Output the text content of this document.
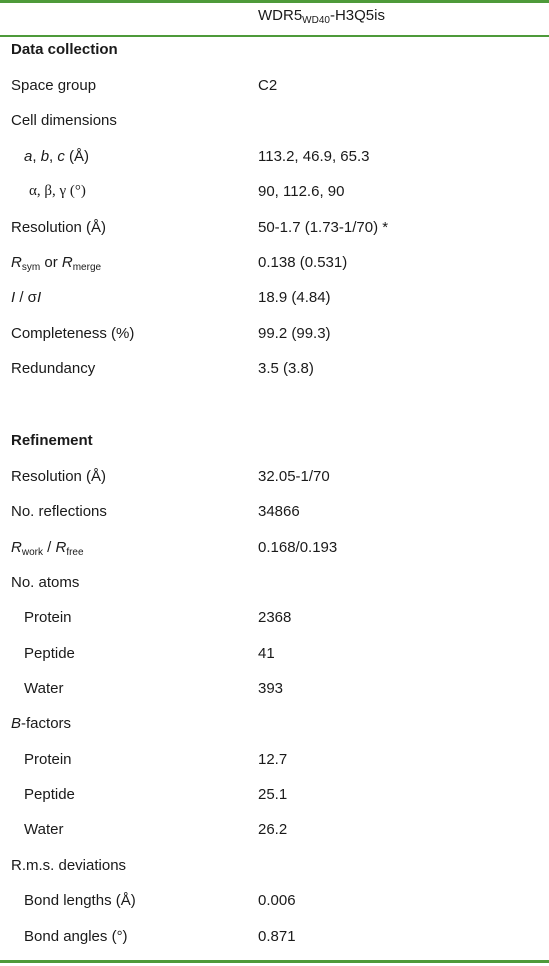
$WDR5_{WD40}-H3Q5is$
Data collection
Space group	C2
Cell dimensions
a, b, c (Å)	113.2, 46.9, 65.3
α, β, γ (°)	90, 112.6, 90
Resolution (Å)	50-1.7 (1.73-1/70) *
$R_{sym}$ or $R_{merge}$	0.138 (0.531)
I / σI	18.9 (4.84)
Completeness (%)	99.2 (99.3)
Redundancy	3.5 (3.8)
Refinement
Resolution (Å)	32.05-1/70
No. reflections	34866
$R_{work} / R_{free}$	0.168/0.193
No. atoms
Protein	2368
Peptide	41
Water	393
B-factors
Protein	12.7
Peptide	25.1
Water	26.2
R.m.s. deviations
Bond lengths (Å)	0.006
Bond angles (°)	0.871
